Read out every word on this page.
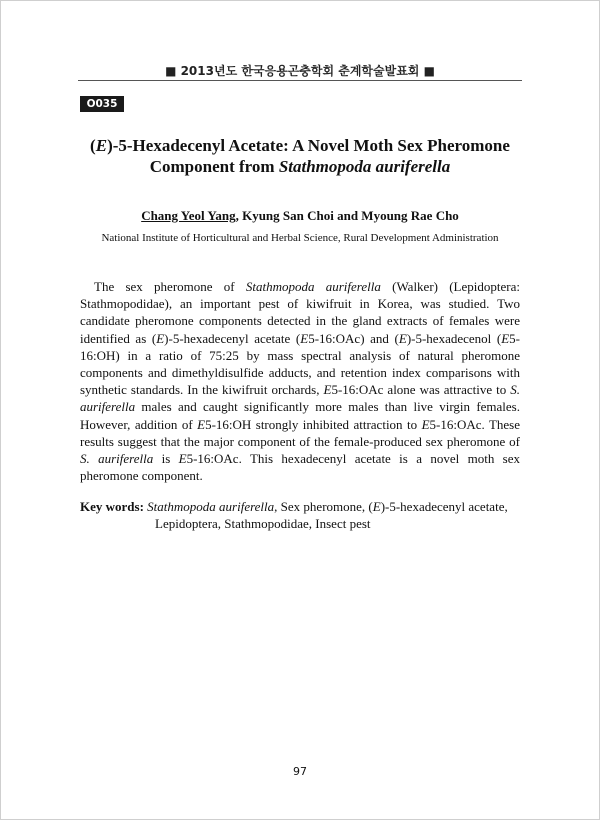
■ 2013년도 한국응용곤충학회 춘계학술발표회 ■
O035
(E)-5-Hexadecenyl Acetate: A Novel Moth Sex Pheromone
Component from Stathmopoda auriferella
Chang Yeol Yang, Kyung San Choi and Myoung Rae Cho
National Institute of Horticultural and Herbal Science, Rural Development Administration

The sex pheromone of Stathmopoda auriferella (Walker) (Lepidoptera: Stathmopodidae), an important pest of kiwifruit in Korea, was studied. Two candidate pheromone components detected in the gland extracts of females were identified as (E)-5-hexadecenyl acetate (E5-16:OAc) and (E)-5-hexadecenol (E5-16:OH) in a ratio of 75:25 by mass spectral analysis of natural pheromone components and dimethyldisulfide adducts, and retention index comparisons with synthetic standards. In the kiwifruit orchards, E5-16:OAc alone was attractive to S. auriferella males and caught significantly more males than live virgin females. However, addition of E5-16:OH strongly inhibited attraction to E5-16:OAc. These results suggest that the major component of the female-produced sex pheromone of S. auriferella is E5-16:OAc. This hexadecenyl acetate is a novel moth sex pheromone component.

Key words: Stathmopoda auriferella, Sex pheromone, (E)-5-hexadecenyl acetate,
Lepidoptera, Stathmopodidae, Insect pest

97
